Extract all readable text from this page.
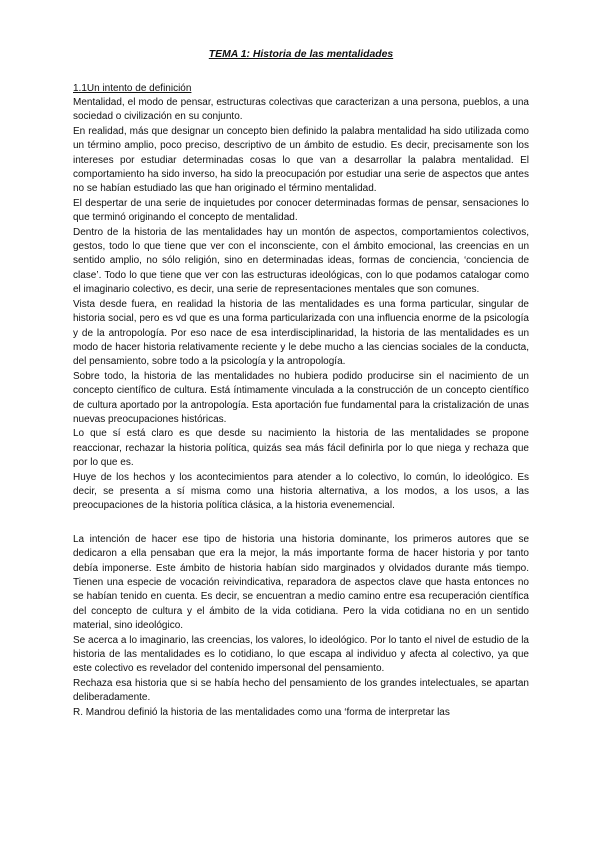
TEMA 1: Historia de las mentalidades

1.1Un intento de definición

Mentalidad, el modo de pensar, estructuras colectivas que caracterizan a una persona, pueblos, a una sociedad o civilización en su conjunto.

En realidad, más que designar un concepto bien definido la palabra mentalidad ha sido utilizada como un término amplio, poco preciso, descriptivo de un ámbito de estudio. Es decir, precisamente son los intereses por estudiar determinadas cosas lo que van a desarrollar la palabra mentalidad. El comportamiento ha sido inverso, ha sido la preocupación por estudiar una serie de aspectos que antes no se habían estudiado las que han originado el término mentalidad.

El despertar de una serie de inquietudes por conocer determinadas formas de pensar, sensaciones lo que terminó originando el concepto de mentalidad.

Dentro de la historia de las mentalidades hay un montón de aspectos, comportamientos colectivos, gestos, todo lo que tiene que ver con el inconsciente, con el ámbito emocional, las creencias en un sentido amplio, no sólo religión, sino en determinadas ideas, formas de conciencia, ‘conciencia de clase’. Todo lo que tiene que ver con las estructuras ideológicas, con lo que podamos catalogar como el imaginario colectivo, es decir, una serie de representaciones mentales que son comunes.

Vista desde fuera, en realidad la historia de las mentalidades es una forma particular, singular de historia social, pero es vd que es una forma particularizada con una influencia enorme de la psicología y de la antropología. Por eso nace de esa interdisciplinaridad, la historia de las mentalidades es un modo de hacer historia relativamente reciente y le debe mucho a las ciencias sociales de la conducta, del pensamiento, sobre todo a la psicología y la antropología.

Sobre todo, la historia de las mentalidades no hubiera podido producirse sin el nacimiento de un concepto científico de cultura. Está íntimamente vinculada a la construcción de un concepto científico de cultura aportado por la antropología. Esta aportación fue fundamental para la cristalización de unas nuevas preocupaciones históricas.

Lo que sí está claro es que desde su nacimiento la historia de las mentalidades se propone reaccionar, rechazar la historia política, quizás sea más fácil definirla por lo que niega y rechaza que por lo que es.

Huye de los hechos y los acontecimientos para atender a lo colectivo, lo común, lo ideológico. Es decir, se presenta a sí misma como una historia alternativa, a los modos, a los usos, a las preocupaciones de la historia política clásica, a la historia evenemencial.

La intención de hacer ese tipo de historia una historia dominante, los primeros autores que se dedicaron a ella pensaban que era la mejor, la más importante forma de hacer historia y por tanto debía imponerse. Este ámbito de historia habían sido marginados y olvidados durante más tiempo. Tienen una especie de vocación reivindicativa, reparadora de aspectos clave que hasta entonces no se habían tenido en cuenta. Es decir, se encuentran a medio camino entre esa recuperación científica del concepto de cultura y el ámbito de la vida cotidiana. Pero la vida cotidiana no en un sentido material, sino ideológico.

Se acerca a lo imaginario, las creencias, los valores, lo ideológico. Por lo tanto el nivel de estudio de la historia de las mentalidades es lo cotidiano, lo que escapa al individuo y afecta al colectivo, ya que este colectivo es revelador del contenido impersonal del pensamiento.

Rechaza esa historia que si se había hecho del pensamiento de los grandes intelectuales, se apartan deliberadamente.

R. Mandrou definió la historia de las mentalidades como una ‘forma de interpretar las
